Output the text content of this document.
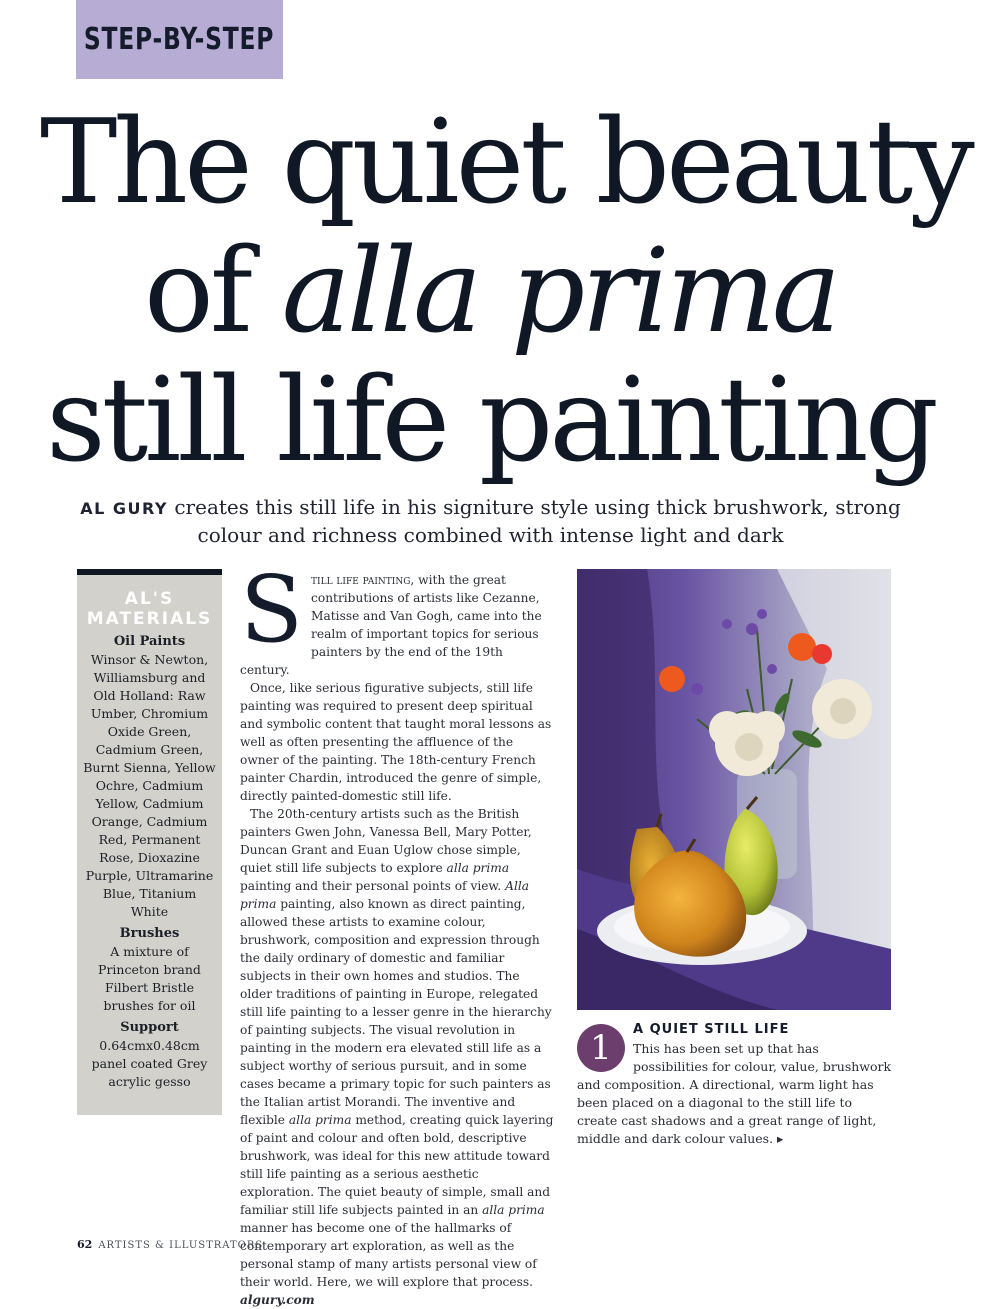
STEP-BY-STEP
The quiet beauty
of alla prima
still life painting

AL GURY creates this still life in his signiture style using thick brushwork, strong colour and richness combined with intense light and dark

AL'S MATERIALS
Oil Paints
Winsor & Newton, Williamsburg and Old Holland: Raw Umber, Chromium Oxide Green, Cadmium Green, Burnt Sienna, Yellow Ochre, Cadmium Yellow, Cadmium Orange, Cadmium Red, Permanent Rose, Dioxazine Purple, Ultramarine Blue, Titanium White
Brushes
A mixture of Princeton brand Filbert Bristle brushes for oil
Support
0.64cmx0.48cm panel coated Grey acrylic gesso

Still life painting, with the great contributions of artists like Cezanne, Matisse and Van Gogh, came into the realm of important topics for serious painters by the end of the 19th century.

Once, like serious figurative subjects, still life painting was required to present deep spiritual and symbolic content that taught moral lessons as well as often presenting the affluence of the owner of the painting. The 18th-century French painter Chardin, introduced the genre of simple, directly painted-domestic still life.

The 20th-century artists such as the British painters Gwen John, Vanessa Bell, Mary Potter, Duncan Grant and Euan Uglow chose simple, quiet still life subjects to explore alla prima painting and their personal points of view. Alla prima painting, also known as direct painting, allowed these artists to examine colour, brushwork, composition and expression through the daily ordinary of domestic and familiar subjects in their own homes and studios. The older traditions of painting in Europe, relegated still life painting to a lesser genre in the hierarchy of painting subjects. The visual revolution in painting in the modern era elevated still life as a subject worthy of serious pursuit, and in some cases became a primary topic for such painters as the Italian artist Morandi. The inventive and flexible alla prima method, creating quick layering of paint and colour and often bold, descriptive brushwork, was ideal for this new attitude toward still life painting as a serious aesthetic exploration. The quiet beauty of simple, small and familiar still life subjects painted in an alla prima manner has become one of the hallmarks of contemporary art exploration, as well as the personal stamp of many artists personal view of their world. Here, we will explore that process.

algury.com

1	A QUIET STILL LIFE
This has been set up that has possibilities for colour, value, brushwork and composition. A directional, warm light has been placed on a diagonal to the still life to create cast shadows and a great range of light, middle and dark colour values. ▸
62 ARTISTS & ILLUSTRATORS
